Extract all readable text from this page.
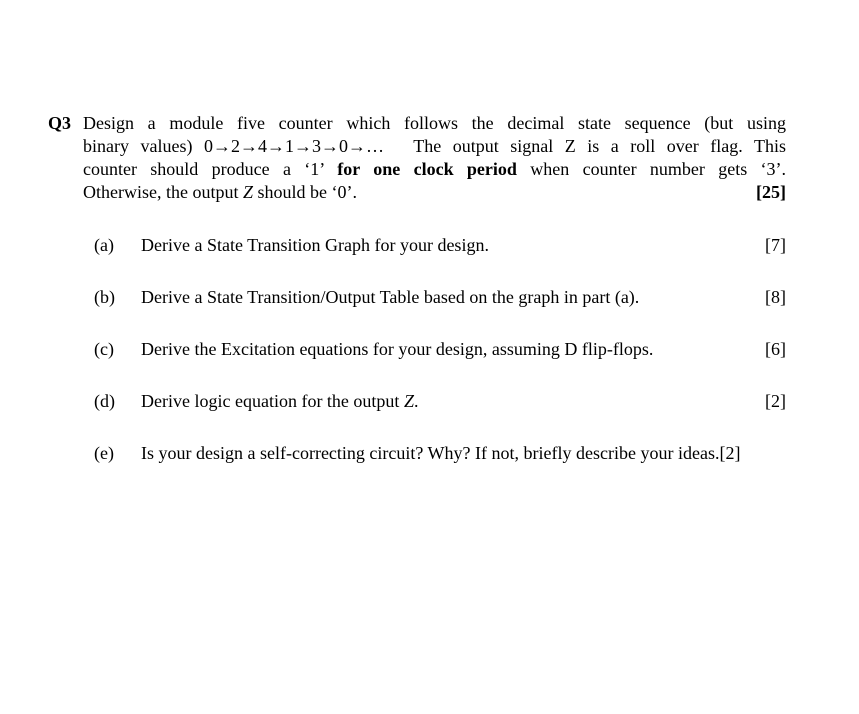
Q3 Design a module five counter which follows the decimal state sequence (but using
binary values) 0→2→4→1→3→0→… The output signal Z is a roll over flag. This
counter should produce a ‘1’ for one clock period when counter number gets ‘3’.
Otherwise, the output Z should be ‘0’.	[25]
(a) Derive a State Transition Graph for your design.	[7]
(b) Derive a State Transition/Output Table based on the graph in part (a).	[8]
(c) Derive the Excitation equations for your design, assuming D flip-flops.	[6]
(d) Derive logic equation for the output Z.	[2]
(e) Is your design a self-correcting circuit? Why? If not, briefly describe your ideas.[2]
